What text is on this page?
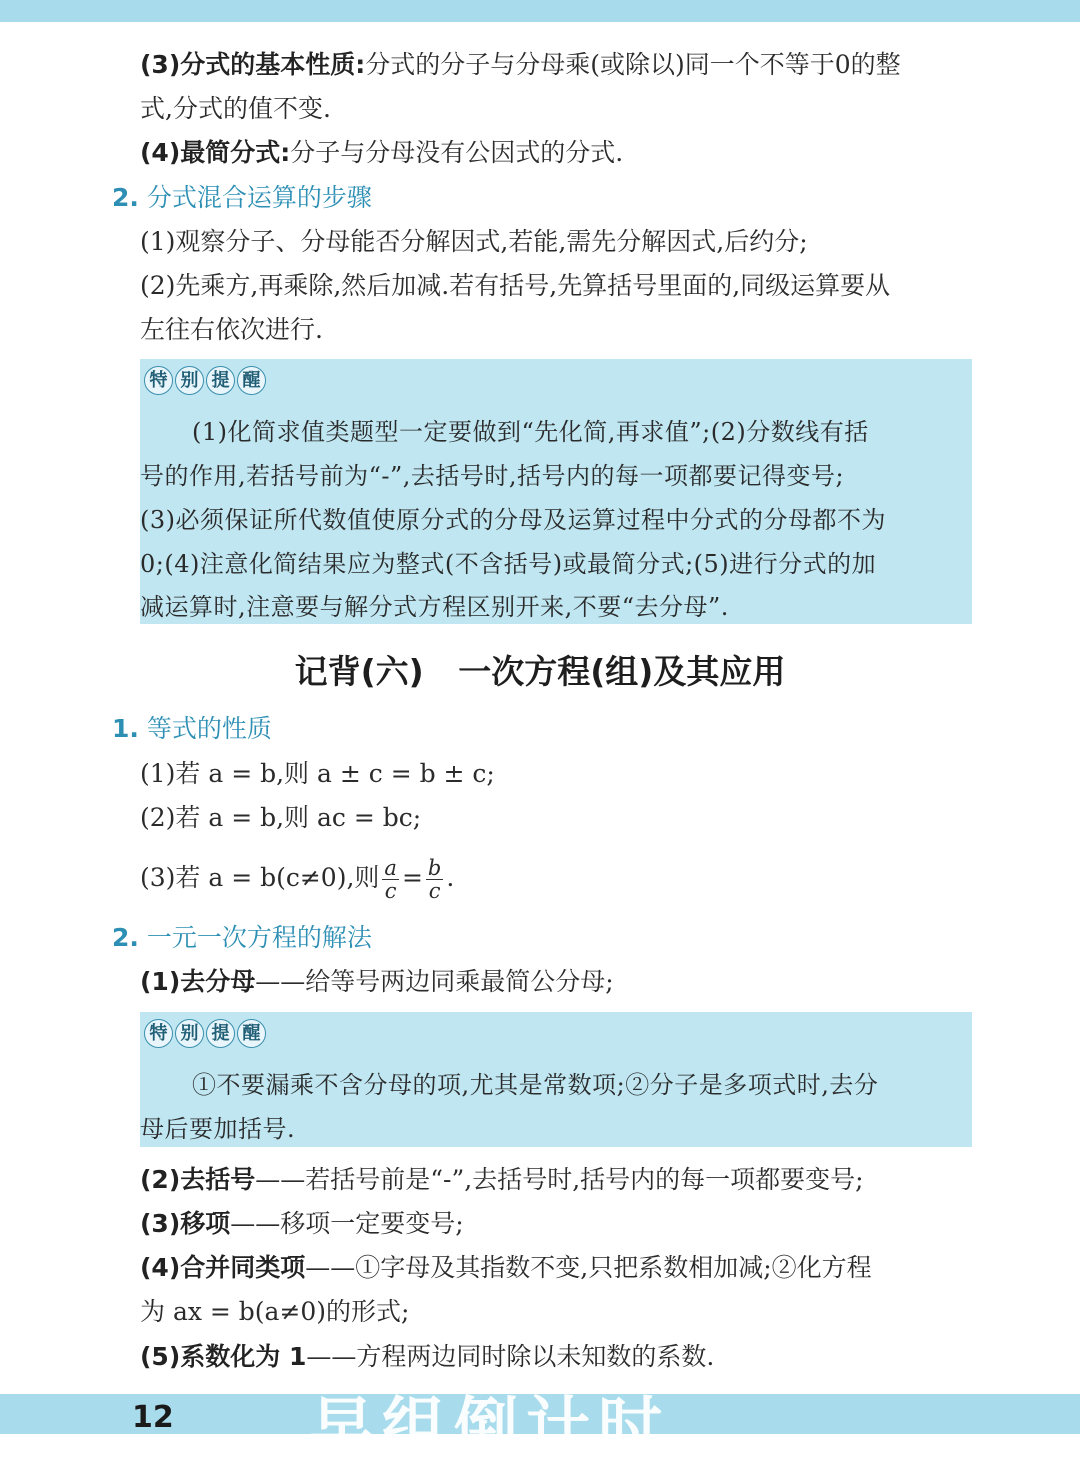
(3)分式的基本性质:分式的分子与分母乘(或除以)同一个不等于0的整
式,分式的值不变.
(4)最简分式:分子与分母没有公因式的分式.
2. 分式混合运算的步骤
(1)观察分子、分母能否分解因式,若能,需先分解因式,后约分;
(2)先乘方,再乘除,然后加减.若有括号,先算括号里面的,同级运算要从
左往右依次进行.
特 别 提 醒
(1)化简求值类题型一定要做到“先化简,再求值”;(2)分数线有括
号的作用,若括号前为“-”,去括号时,括号内的每一项都要记得变号;
(3)必须保证所代数值使原分式的分母及运算过程中分式的分母都不为
0;(4)注意化简结果应为整式(不含括号)或最简分式;(5)进行分式的加
减运算时,注意要与解分式方程区别开来,不要“去分母”.
记背(六)   一次方程(组)及其应用
1. 等式的性质
(1)若 a = b,则 a ± c = b ± c;
(2)若 a = b,则 ac = bc;
(3)若 a = b(c≠0),则 $\frac{a}{c} = \frac{b}{c}$ .
2. 一元一次方程的解法
(1)去分母——给等号两边同乘最简公分母;
特 别 提 醒
①不要漏乘不含分母的项,尤其是常数项;②分子是多项式时,去分
母后要加括号.
(2)去括号——若括号前是“-”,去括号时,括号内的每一项都要变号;
(3)移项——移项一定要变号;
(4)合并同类项——①字母及其指数不变,只把系数相加减;②化方程
为 ax = b(a≠0)的形式;
(5)系数化为 1——方程两边同时除以未知数的系数.
12 早组倒计时
